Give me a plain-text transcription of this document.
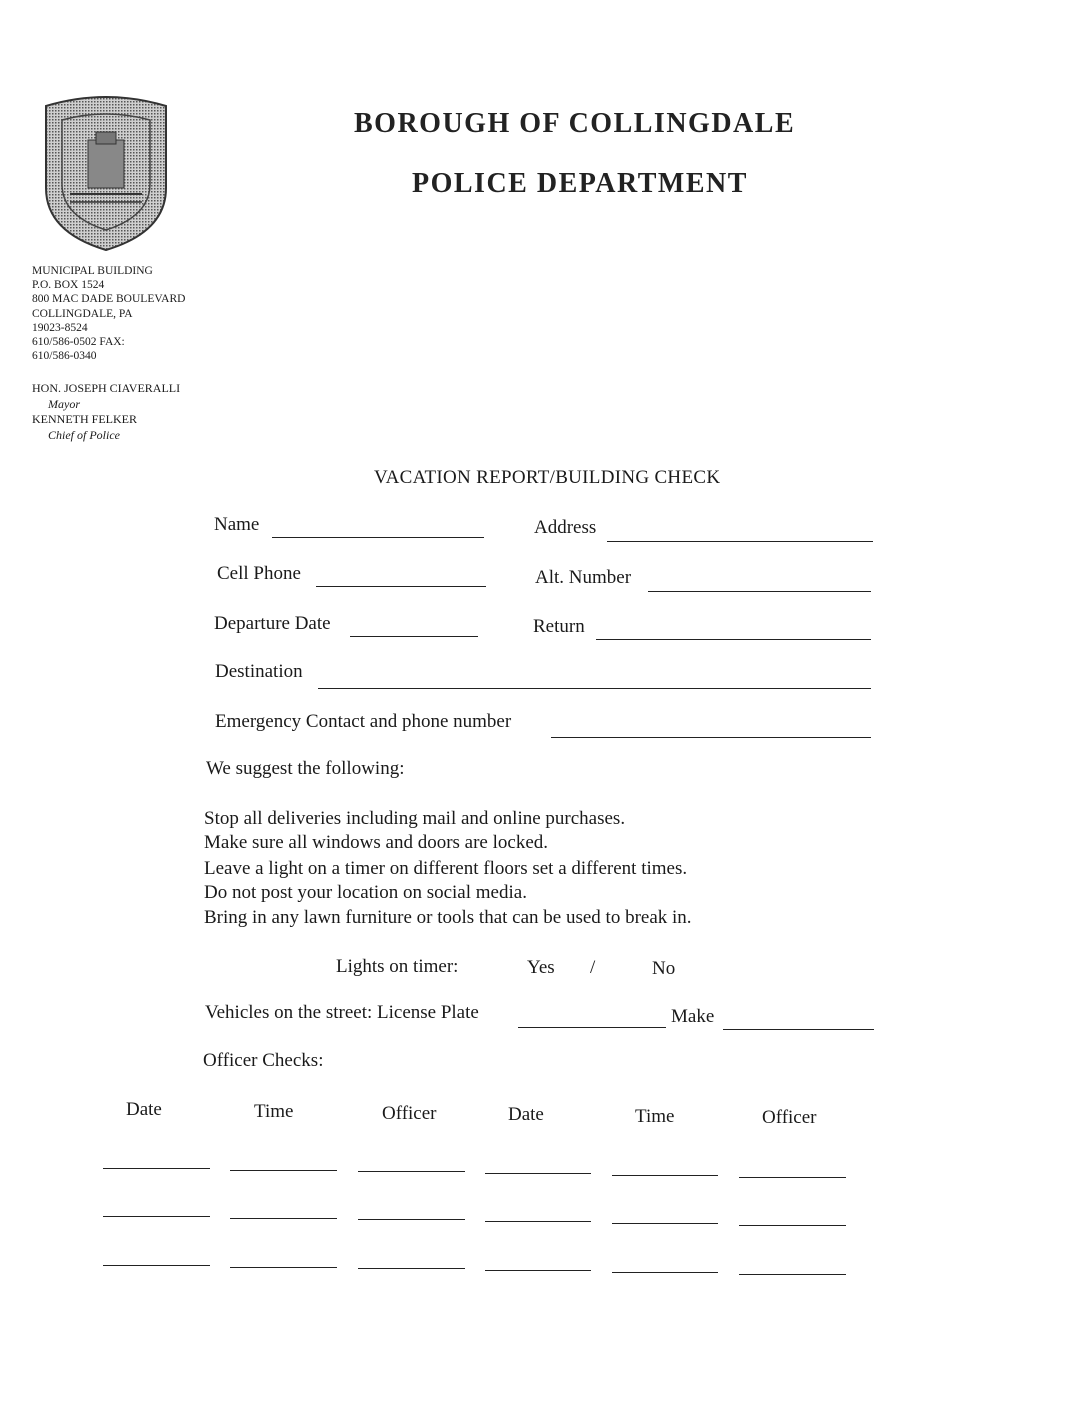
BOROUGH OF COLLINGDALE
POLICE DEPARTMENT
MUNICIPAL BUILDING
P.O. BOX 1524
800 MAC DADE BOULEVARD
COLLINGDALE, PA
19023-8524
610/586-0502 FAX:
610/586-0340
HON. JOSEPH CIAVERALLI
Mayor
KENNETH FELKER
Chief of Police
VACATION REPORT/BUILDING CHECK
Name	Address
Cell Phone	Alt. Number
Departure Date	Return
Destination
Emergency Contact and phone number
We suggest the following:
Stop all deliveries including mail and online purchases.
Make sure all windows and doors are locked.
Leave a light on a timer on different floors set a different times.
Do not post your location on social media.
Bring in any lawn furniture or tools that can be used to break in.
Lights on timer:	Yes /	No
Vehicles on the street: License Plate	Make
Officer Checks:
Date	Time	Officer	Date	Time	Officer
